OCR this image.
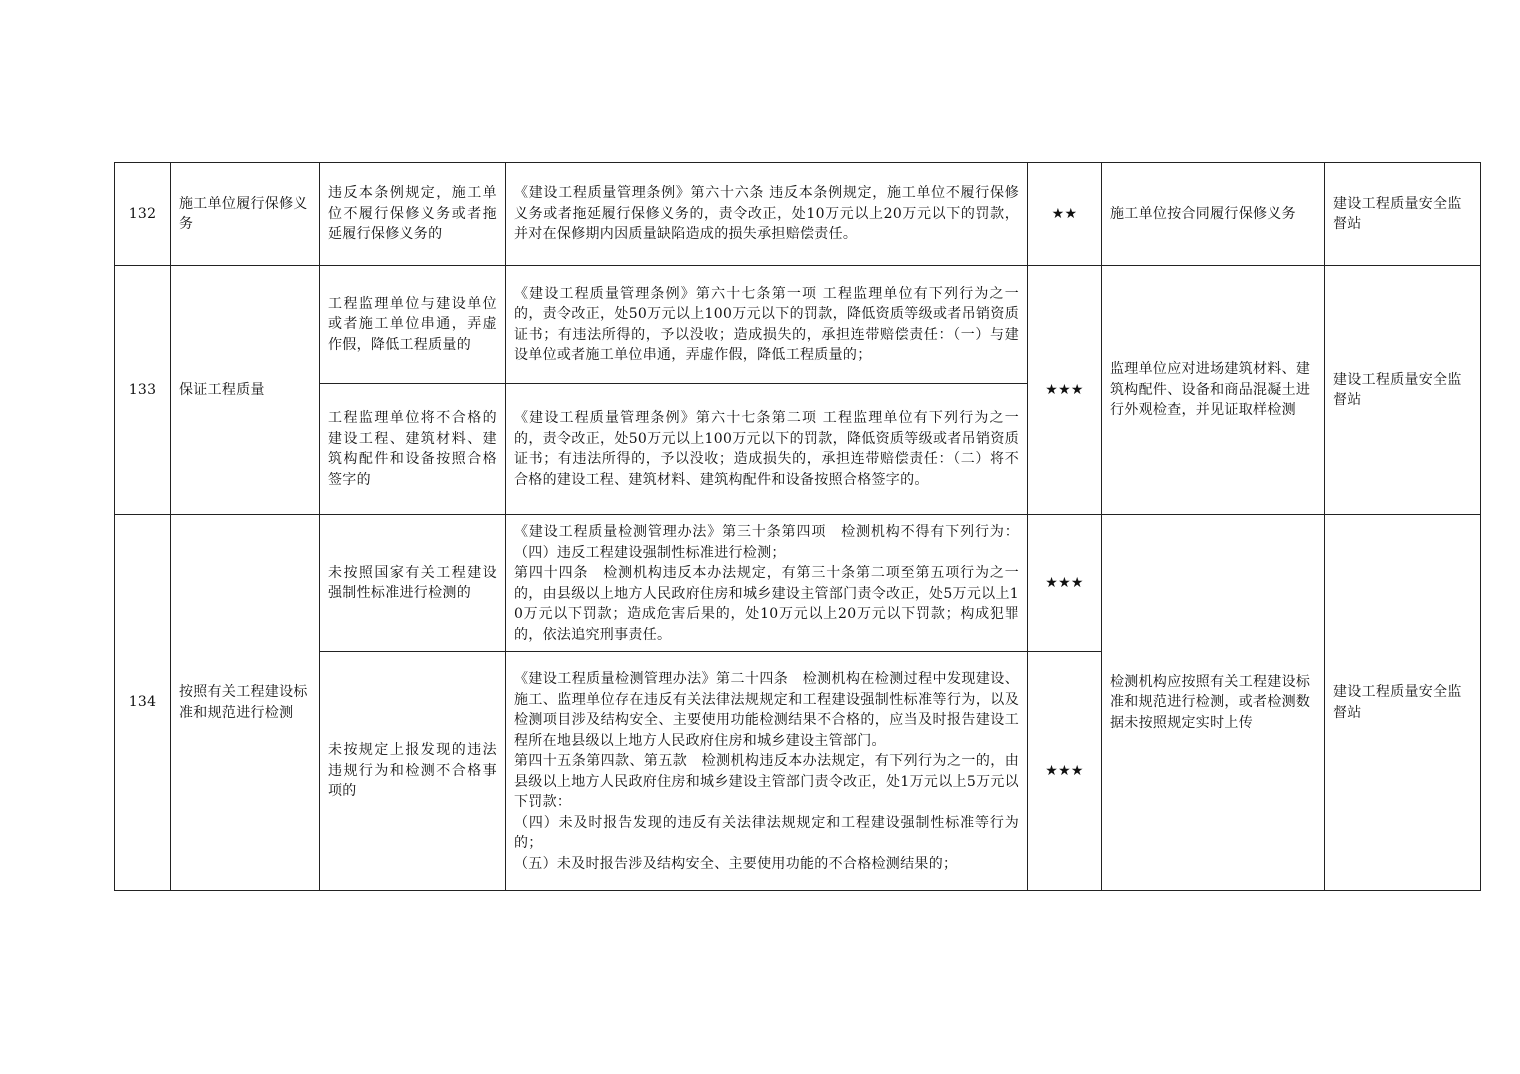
132	施工单位履行保修义务	违反本条例规定，施工单位不履行保修义务或者拖延履行保修义务的	《建设工程质量管理条例》第六十六条 违反本条例规定，施工单位不履行保修义务或者拖延履行保修义务的，责令改正，处10万元以上20万元以下的罚款，并对在保修期内因质量缺陷造成的损失承担赔偿责任。	★★	施工单位按合同履行保修义务	建设工程质量安全监督站
133	保证工程质量	工程监理单位与建设单位或者施工单位串通，弄虚作假，降低工程质量的	《建设工程质量管理条例》第六十七条第一项 工程监理单位有下列行为之一的，责令改正，处50万元以上100万元以下的罚款，降低资质等级或者吊销资质证书；有违法所得的，予以没收；造成损失的，承担连带赔偿责任：（一）与建设单位或者施工单位串通，弄虚作假，降低工程质量的；	★★★	监理单位应对进场建筑材料、建筑构配件、设备和商品混凝土进行外观检查，并见证取样检测	建设工程质量安全监督站
		工程监理单位将不合格的建设工程、建筑材料、建筑构配件和设备按照合格签字的	《建设工程质量管理条例》第六十七条第二项 工程监理单位有下列行为之一的，责令改正，处50万元以上100万元以下的罚款，降低资质等级或者吊销资质证书；有违法所得的，予以没收；造成损失的，承担连带赔偿责任：（二）将不合格的建设工程、建筑材料、建筑构配件和设备按照合格签字的。			

134	按照有关工程建设标准和规范进行检测	未按照国家有关工程建设强制性标准进行检测的	《建设工程质量检测管理办法》第三十条第四项　检测机构不得有下列行为：（四）违反工程建设强制性标准进行检测；
第四十四条　检测机构违反本办法规定，有第三十条第二项至第五项行为之一的，由县级以上地方人民政府住房和城乡建设主管部门责令改正，处5万元以上10万元以下罚款；造成危害后果的，处10万元以上20万元以下罚款；构成犯罪的，依法追究刑事责任。	★★★	检测机构应按照有关工程建设标准和规范进行检测，或者检测数据未按照规定实时上传	建设工程质量安全监督站
		未按规定上报发现的违法违规行为和检测不合格事项的	《建设工程质量检测管理办法》第二十四条　检测机构在检测过程中发现建设、施工、监理单位存在违反有关法律法规规定和工程建设强制性标准等行为，以及检测项目涉及结构安全、主要使用功能检测结果不合格的，应当及时报告建设工程所在地县级以上地方人民政府住房和城乡建设主管部门。
第四十五条第四款、第五款　检测机构违反本办法规定，有下列行为之一的，由县级以上地方人民政府住房和城乡建设主管部门责令改正，处1万元以上5万元以下罚款：
（四）未及时报告发现的违反有关法律法规规定和工程建设强制性标准等行为的；
（五）未及时报告涉及结构安全、主要使用功能的不合格检测结果的；	★★★		
